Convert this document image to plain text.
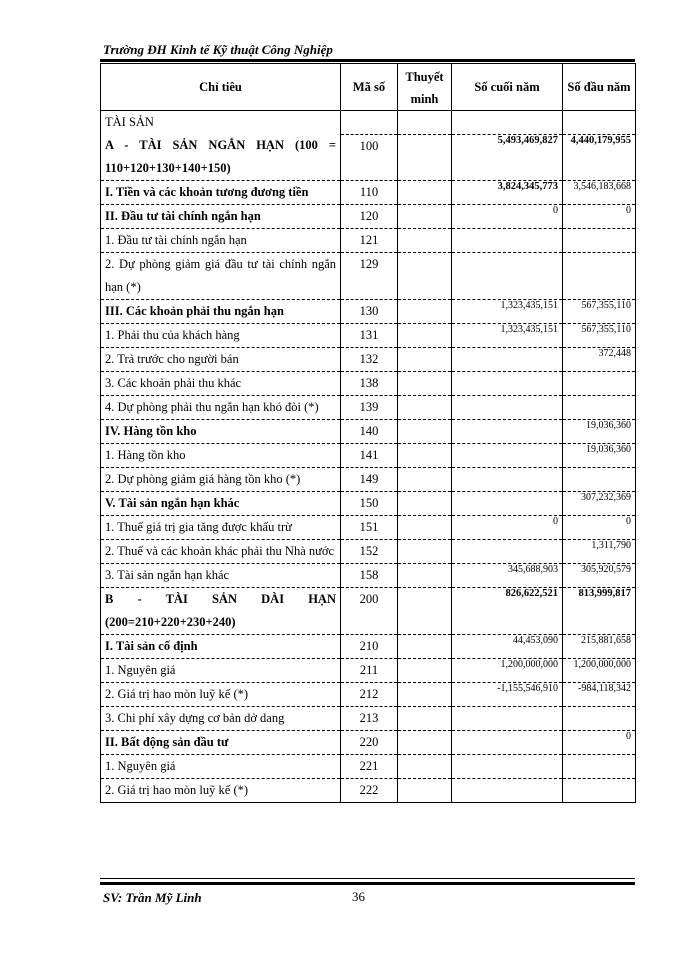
Trường ĐH Kinh tế Kỹ thuật Công Nghiệp
Chỉ tiêu	Mã số	Thuyết minh	Số cuối năm	Số đầu năm
TÀI SẢN				
A - TÀI SẢN NGẮN HẠN (100 = 110+120+130+140+150)	100		5,493,469,827	4,440,179,955
I. Tiền và các khoản tương đương tiền	110		3,824,345,773	3,546,183,668
II. Đầu tư tài chính ngắn hạn	120		0	0
1. Đầu tư tài chính ngắn hạn	121			
2. Dự phòng giảm giá đầu tư tài chính ngắn hạn (*)	129			
III. Các khoản phải thu ngắn hạn	130		1,323,435,151	567,355,110
1. Phải thu của khách hàng	131		1,323,435,151	567,355,110
2. Trả trước cho người bán	132			372,448
3. Các khoản phải thu khác	138			
4. Dự phòng phải thu ngắn hạn khó đòi (*)	139			
IV. Hàng tồn kho	140			19,036,360
1. Hàng tồn kho	141			19,036,360
2. Dự phòng giảm giá hàng tồn kho (*)	149			
V. Tài sản ngắn hạn khác	150			307,232,369
1. Thuế giá trị gia tăng được khấu trừ	151		0	0
2. Thuế và các khoản khác phải thu Nhà nước	152			1,311,790
3. Tài sản ngắn hạn khác	158		345,688,903	305,920,579
B - TÀI SẢN DÀI HẠN (200=210+220+230+240)	200		826,622,521	813,999,817
I. Tài sản cố định	210		44,453,090	215,881,658
1. Nguyên giá	211		1,200,000,000	1,200,000,000
2. Giá trị hao mòn luỹ kế (*)	212		-1,155,546,910	-984,118,342
3. Chi phí xây dựng cơ bản dở dang	213			
II. Bất động sản đầu tư	220			0
1. Nguyên giá	221			
2. Giá trị hao mòn luỹ kế (*)	222			
SV: Trần Mỹ Linh	36
